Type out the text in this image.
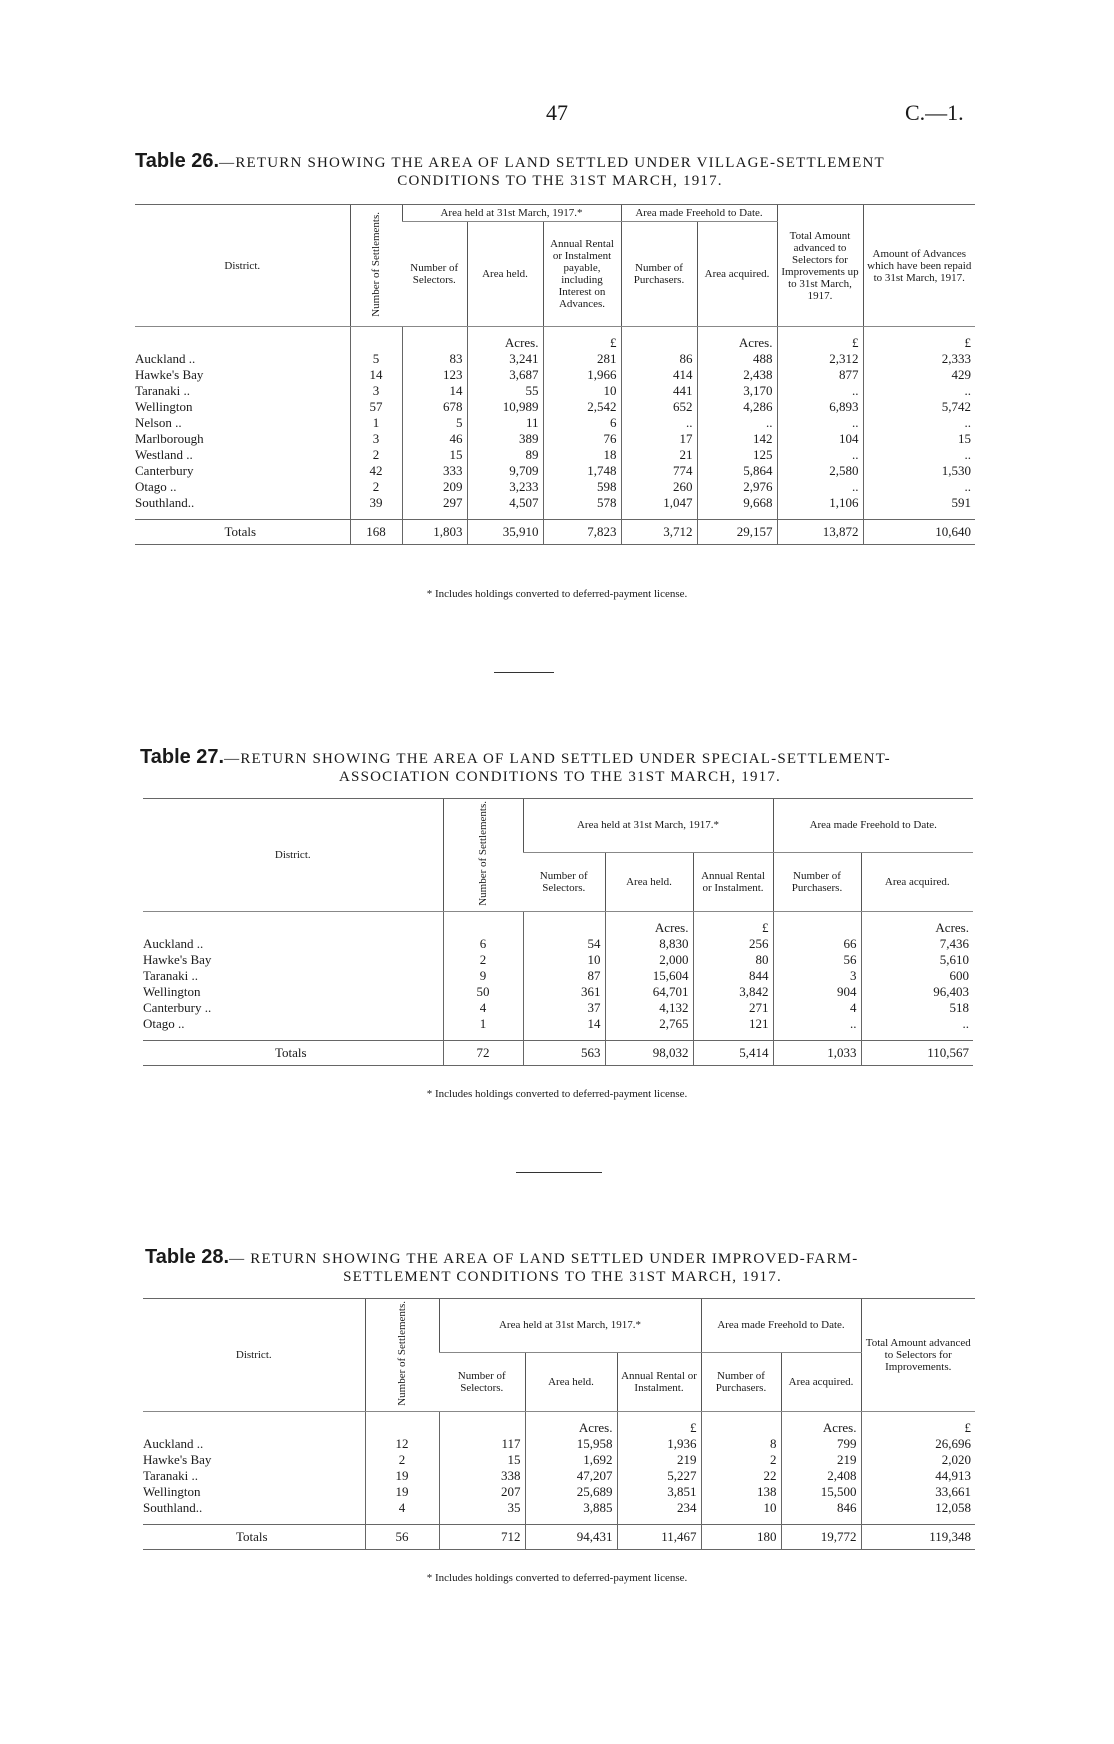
47	C.—1.
Table 26.—RETURN SHOWING THE AREA OF LAND SETTLED UNDER VILLAGE-SETTLEMENT
CONDITIONS TO THE 31ST MARCH, 1917.
District.	Number of Settlements.	Area held at 31st March, 1917.*			Area made Freehold to Date.		Total Amount advanced to Selectors for Improvements up to 31st March, 1917.	Amount of Advances which have been repaid to 31st March, 1917.
		Number of Selectors.	Area held.	Annual Rental or Instalment payable, including Interest on Advances.	Number of Purchasers.	Area acquired.		
			Acres.	£		Acres.	£	£
Auckland ..	5	83	3,241	281	86	488	2,312	2,333
Hawke's Bay	14	123	3,687	1,966	414	2,438	877	429
Taranaki ..	3	14	55	10	441	3,170	..	..
Wellington	57	678	10,989	2,542	652	4,286	6,893	5,742
Nelson ..	1	5	11	6	..	..	..	..
Marlborough	3	46	389	76	17	142	104	15
Westland ..	2	15	89	18	21	125	..	..
Canterbury	42	333	9,709	1,748	774	5,864	2,580	1,530
Otago ..	2	209	3,233	598	260	2,976	..	..
Southland..	39	297	4,507	578	1,047	9,668	1,106	591

Totals	168	1,803	35,910	7,823	3,712	29,157	13,872	10,640
* Includes holdings converted to deferred-payment license.
Table 27.—RETURN SHOWING THE AREA OF LAND SETTLED UNDER SPECIAL-SETTLEMENT-
ASSOCIATION CONDITIONS TO THE 31ST MARCH, 1917.
District.	Number of Settlements.	Area held at 31st March, 1917.*			Area made Freehold to Date.	
		Number of Selectors.	Area held.	Annual Rental or Instalment.	Number of Purchasers.	Area acquired.
			Acres.	£		Acres.
Auckland ..	6	54	8,830	256	66	7,436
Hawke's Bay	2	10	2,000	80	56	5,610
Taranaki ..	9	87	15,604	844	3	600
Wellington	50	361	64,701	3,842	904	96,403
Canterbury ..	4	37	4,132	271	4	518
Otago ..	1	14	2,765	121	..	..

Totals	72	563	98,032	5,414	1,033	110,567
* Includes holdings converted to deferred-payment license.
Table 28.— RETURN SHOWING THE AREA OF LAND SETTLED UNDER IMPROVED-FARM-
SETTLEMENT CONDITIONS TO THE 31ST MARCH, 1917.
District.	Number of Settlements.	Area held at 31st March, 1917.*			Area made Freehold to Date.		Total Amount advanced to Selectors for Improvements.
		Number of Selectors.	Area held.	Annual Rental or Instalment.	Number of Purchasers.	Area acquired.	
			Acres.	£		Acres.	£
Auckland ..	12	117	15,958	1,936	8	799	26,696
Hawke's Bay	2	15	1,692	219	2	219	2,020
Taranaki ..	19	338	47,207	5,227	22	2,408	44,913
Wellington	19	207	25,689	3,851	138	15,500	33,661
Southland..	4	35	3,885	234	10	846	12,058

Totals	56	712	94,431	11,467	180	19,772	119,348
* Includes holdings converted to deferred-payment license.
